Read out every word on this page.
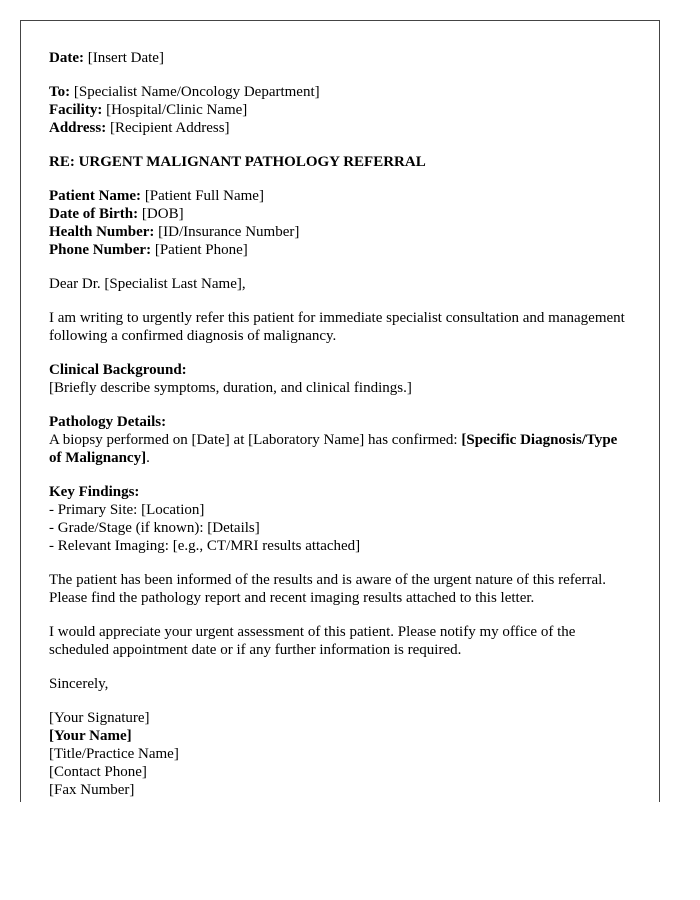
Date: [Insert Date]

To: [Specialist Name/Oncology Department]
Facility: [Hospital/Clinic Name]
Address: [Recipient Address]

RE: URGENT MALIGNANT PATHOLOGY REFERRAL

Patient Name: [Patient Full Name]
Date of Birth: [DOB]
Health Number: [ID/Insurance Number]
Phone Number: [Patient Phone]

Dear Dr. [Specialist Last Name],

I am writing to urgently refer this patient for immediate specialist consultation and management following a confirmed diagnosis of malignancy.

Clinical Background:
[Briefly describe symptoms, duration, and clinical findings.]

Pathology Details:
A biopsy performed on [Date] at [Laboratory Name] has confirmed: [Specific Diagnosis/Type of Malignancy].

Key Findings:
- Primary Site: [Location]
- Grade/Stage (if known): [Details]
- Relevant Imaging: [e.g., CT/MRI results attached]

The patient has been informed of the results and is aware of the urgent nature of this referral. Please find the pathology report and recent imaging results attached to this letter.

I would appreciate your urgent assessment of this patient. Please notify my office of the scheduled appointment date or if any further information is required.

Sincerely,

[Your Signature]
[Your Name]
[Title/Practice Name]
[Contact Phone]
[Fax Number]
